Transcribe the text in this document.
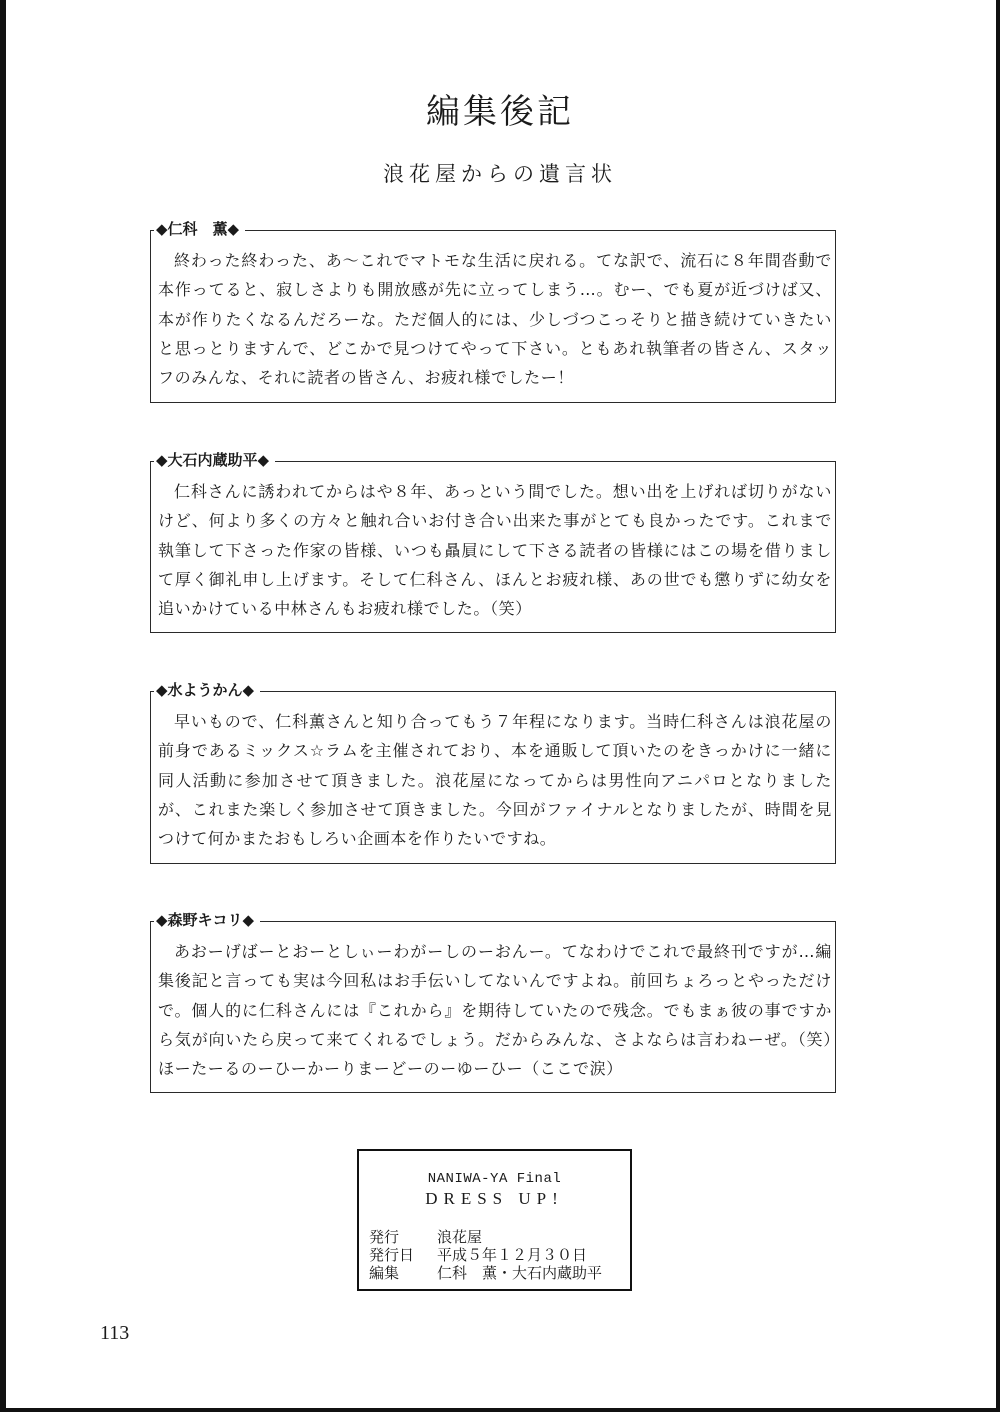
編集後記
浪花屋からの遺言状
◆仁科　薫◆
終わった終わった、あ〜これでマトモな生活に戻れる。てな訳で、流石に８年間沓動で本作ってると、寂しさよりも開放感が先に立ってしまう…。むー、でも夏が近づけば又、本が作りたくなるんだろーな。ただ個人的には、少しづつこっそりと描き続けていきたいと思っとりますんで、どこかで見つけてやって下さい。ともあれ執筆者の皆さん、スタッフのみんな、それに読者の皆さん、お疲れ様でしたー！
◆大石内蔵助平◆
仁科さんに誘われてからはや８年、あっという間でした。想い出を上げれば切りがないけど、何より多くの方々と触れ合いお付き合い出来た事がとても良かったです。これまで執筆して下さった作家の皆様、いつも贔屓にして下さる読者の皆様にはこの場を借りまして厚く御礼申し上げます。そして仁科さん、ほんとお疲れ様、あの世でも懲りずに幼女を追いかけている中林さんもお疲れ様でした。（笑）
◆水ようかん◆
早いもので、仁科薫さんと知り合ってもう７年程になります。当時仁科さんは浪花屋の前身であるミックス☆ラムを主催されており、本を通販して頂いたのをきっかけに一緒に同人活動に参加させて頂きました。浪花屋になってからは男性向アニパロとなりましたが、これまた楽しく参加させて頂きました。今回がファイナルとなりましたが、時間を見つけて何かまたおもしろい企画本を作りたいですね。
◆森野キコリ◆
あおーげばーとおーとしぃーわがーしのーおんー。てなわけでこれで最終刊ですが…編集後記と言っても実は今回私はお手伝いしてないんですよね。前回ちょろっとやっただけで。個人的に仁科さんには『これから』を期待していたので残念。でもまぁ彼の事ですから気が向いたら戻って来てくれるでしょう。だからみんな、さよならは言わねーぜ。（笑）　ほーたーるのーひーかーりまーどーのーゆーひー（ここで涙）
NANIWA-YA Final
DRESS UP!
発行	浪花屋
発行日 平成５年１２月３０日
編集	仁科　薫・大石内蔵助平
113
